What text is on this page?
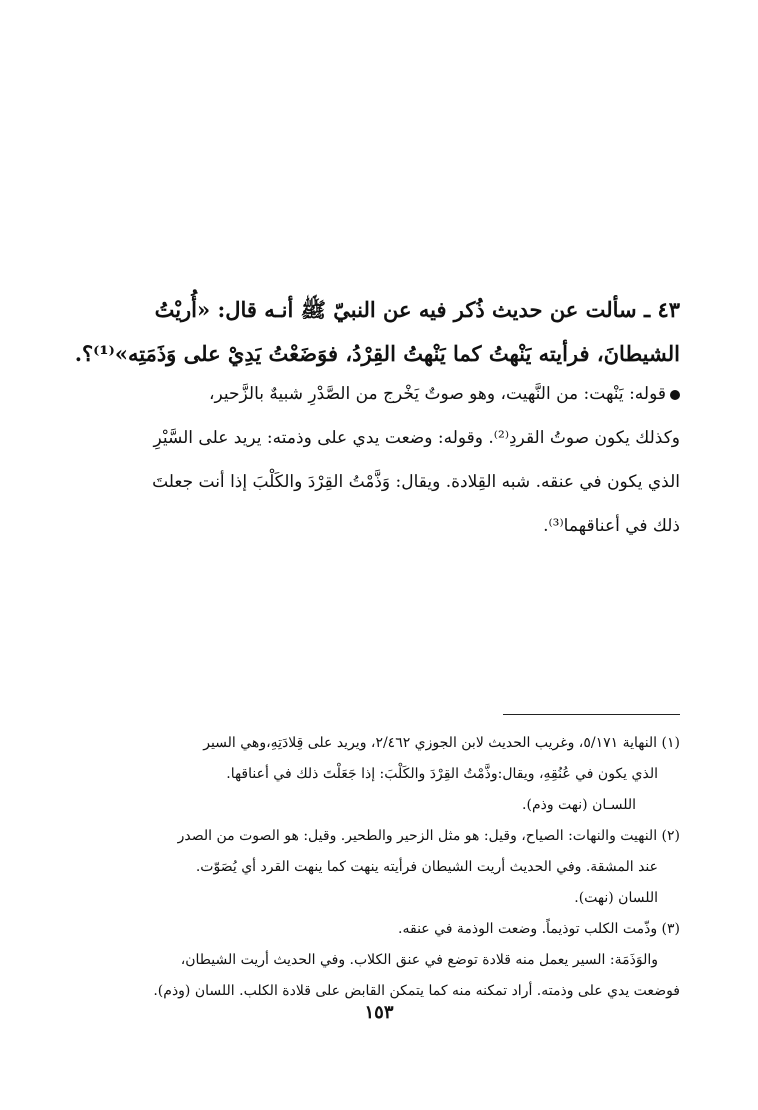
٤٣ ـ سألت عن حديث ذُكر فيه عن النبيّ ﷺ أنـه قال: «أُريْتُ
الشيطانَ، فرأيته يَنْهتُ كما يَنْهتُ القِرْدُ، فوَضَعْتُ يَدِيْ على وَذَمَتِه»⁽¹⁾؟.
قوله: يَنْهت: من النَّهيت، وهو صوتٌ يَخْرج من الصَّدْرِ شبيهٌ بالزَّحير،
وكذلك يكون صوتُ القردِ⁽²⁾. وقوله: وضعت يدي على وذمته: يريد على السَّيْرِ
الذي يكون في عنقه. شبه القِلادة. ويقال: وَذَّمْتُ القِرْدَ والكَلْبَ إذا أنت جعلتَ
ذلك في أعناقهما⁽³⁾.
(١) النهاية ٥/١٧١، وغريب الحديث لابن الجوزي ٢/٤٦٢، ويريد على قِلادَتِهِ،وهي السير
الذي يكون في عُنُقِهِ، ويقال:وذَّمْتُ القِرْدَ والكَلْبَ: إذا جَعَلْتَ ذلك في أعناقها.
اللسـان (نهت وذم).
(٢) النهيت والنهات: الصياح، وقيل: هو مثل الزحير والطحير. وقيل: هو الصوت من الصدر
عند المشقة. وفي الحديث أريت الشيطان فرأيته ينهت كما ينهت القرد أي يُصَوّت.
اللسان (نهت).
(٣) وذّمت الكلب توذيماً. وضعت الوذمة في عنقه.
والوَذَمَة: السير يعمل منه قلادة توضع في عنق الكلاب. وفي الحديث أريت الشيطان،
فوضعت يدي على وذمته. أراد تمكنه منه كما يتمكن القابض على قلادة الكلب. اللسان (وذم).
١٥٣
